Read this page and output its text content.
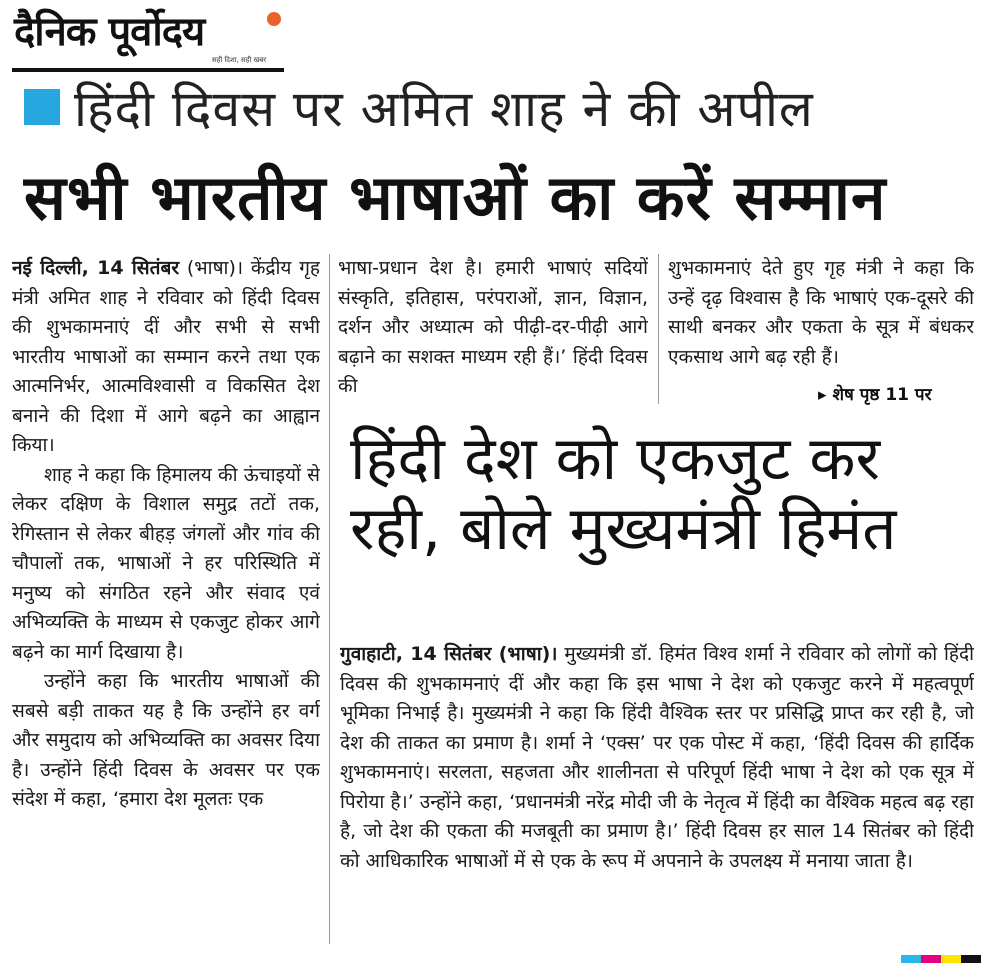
दैनिक पूर्वोदय
सही दिशा, सही खबर
हिंदी दिवस पर अमित शाह ने की अपील
सभी भारतीय भाषाओं का करें सम्मान

नई दिल्ली, 14 सितंबर (भाषा)। केंद्रीय गृह मंत्री अमित शाह ने रविवार को हिंदी दिवस की शुभकामनाएं दीं और सभी से सभी भारतीय भाषाओं का सम्मान करने तथा एक आत्मनिर्भर, आत्मविश्वासी व विकसित देश बनाने की दिशा में आगे बढ़ने का आह्वान किया।

शाह ने कहा कि हिमालय की ऊंचाइयों से लेकर दक्षिण के विशाल समुद्र तटों तक, रेगिस्तान से लेकर बीहड़ जंगलों और गांव की चौपालों तक, भाषाओं ने हर परिस्थिति में मनुष्य को संगठित रहने और संवाद एवं अभिव्यक्ति के माध्यम से एकजुट होकर आगे बढ़ने का मार्ग दिखाया है।

उन्होंने कहा कि भारतीय भाषाओं की सबसे बड़ी ताकत यह है कि उन्होंने हर वर्ग और समुदाय को अभिव्यक्ति का अवसर दिया है। उन्होंने हिंदी दिवस के अवसर पर एक संदेश में कहा, ‘हमारा देश मूलतः एक

भाषा-प्रधान देश है। हमारी भाषाएं सदियों संस्कृति, इतिहास, परंपराओं, ज्ञान, विज्ञान, दर्शन और अध्यात्म को पीढ़ी-दर-पीढ़ी आगे बढ़ाने का सशक्त माध्यम रही हैं।’ हिंदी दिवस की

शुभकामनाएं देते हुए गृह मंत्री ने कहा कि उन्हें दृढ़ विश्वास है कि भाषाएं एक-दूसरे की साथी बनकर और एकता के सूत्र में बंधकर एकसाथ आगे बढ़ रही हैं।

▸ शेष पृष्ठ 11 पर
हिंदी देश को एकजुट कर
रही, बोले मुख्यमंत्री हिमंत

गुवाहाटी, 14 सितंबर (भाषा)। मुख्यमंत्री डॉ. हिमंत विश्व शर्मा ने रविवार को लोगों को हिंदी दिवस की शुभकामनाएं दीं और कहा कि इस भाषा ने देश को एकजुट करने में महत्वपूर्ण भूमिका निभाई है। मुख्यमंत्री ने कहा कि हिंदी वैश्विक स्तर पर प्रसिद्धि प्राप्त कर रही है, जो देश की ताकत का प्रमाण है। शर्मा ने ‘एक्स’ पर एक पोस्ट में कहा, ‘हिंदी दिवस की हार्दिक शुभकामनाएं। सरलता, सहजता और शालीनता से परिपूर्ण हिंदी भाषा ने देश को एक सूत्र में पिरोया है।’ उन्होंने कहा, ‘प्रधानमंत्री नरेंद्र मोदी जी के नेतृत्व में हिंदी का वैश्विक महत्व बढ़ रहा है, जो देश की एकता की मजबूती का प्रमाण है।’ हिंदी दिवस हर साल 14 सितंबर को हिंदी को आधिकारिक भाषाओं में से एक के रूप में अपनाने के उपलक्ष्य में मनाया जाता है।
